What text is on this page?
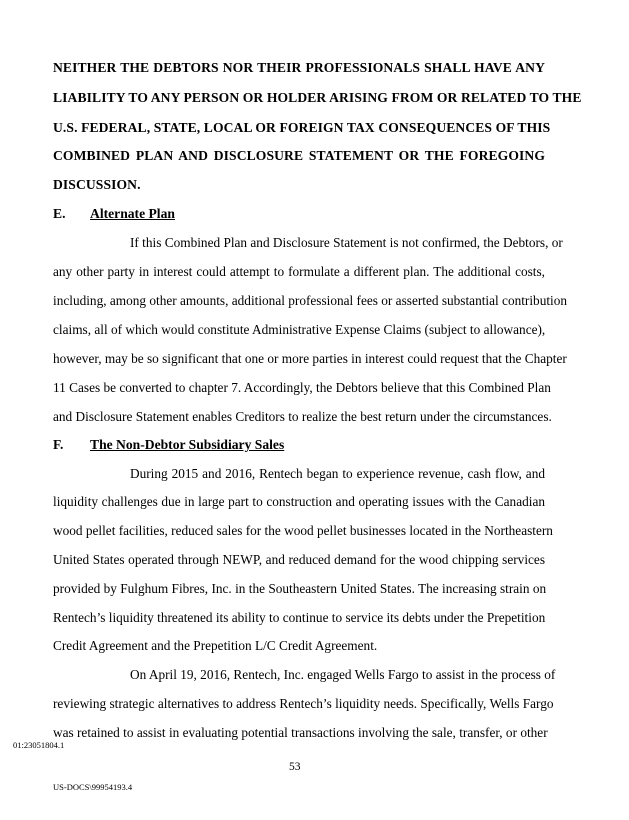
NEITHER THE DEBTORS NOR THEIR PROFESSIONALS SHALL HAVE ANY
LIABILITY TO ANY PERSON OR HOLDER ARISING FROM OR RELATED TO THE
U.S. FEDERAL, STATE, LOCAL OR FOREIGN TAX CONSEQUENCES OF THIS
COMBINED PLAN AND DISCLOSURE STATEMENT OR THE FOREGOING
DISCUSSION.
E. Alternate Plan
If this Combined Plan and Disclosure Statement is not confirmed, the Debtors, or
any other party in interest could attempt to formulate a different plan. The additional costs,
including, among other amounts, additional professional fees or asserted substantial contribution
claims, all of which would constitute Administrative Expense Claims (subject to allowance),
however, may be so significant that one or more parties in interest could request that the Chapter
11 Cases be converted to chapter 7. Accordingly, the Debtors believe that this Combined Plan
and Disclosure Statement enables Creditors to realize the best return under the circumstances.
F. The Non-Debtor Subsidiary Sales
During 2015 and 2016, Rentech began to experience revenue, cash flow, and
liquidity challenges due in large part to construction and operating issues with the Canadian
wood pellet facilities, reduced sales for the wood pellet businesses located in the Northeastern
United States operated through NEWP, and reduced demand for the wood chipping services
provided by Fulghum Fibres, Inc. in the Southeastern United States. The increasing strain on
Rentech’s liquidity threatened its ability to continue to service its debts under the Prepetition
Credit Agreement and the Prepetition L/C Credit Agreement.
On April 19, 2016, Rentech, Inc. engaged Wells Fargo to assist in the process of
reviewing strategic alternatives to address Rentech’s liquidity needs. Specifically, Wells Fargo
was retained to assist in evaluating potential transactions involving the sale, transfer, or other
01:23051804.1
53
US-DOCS\99954193.4
